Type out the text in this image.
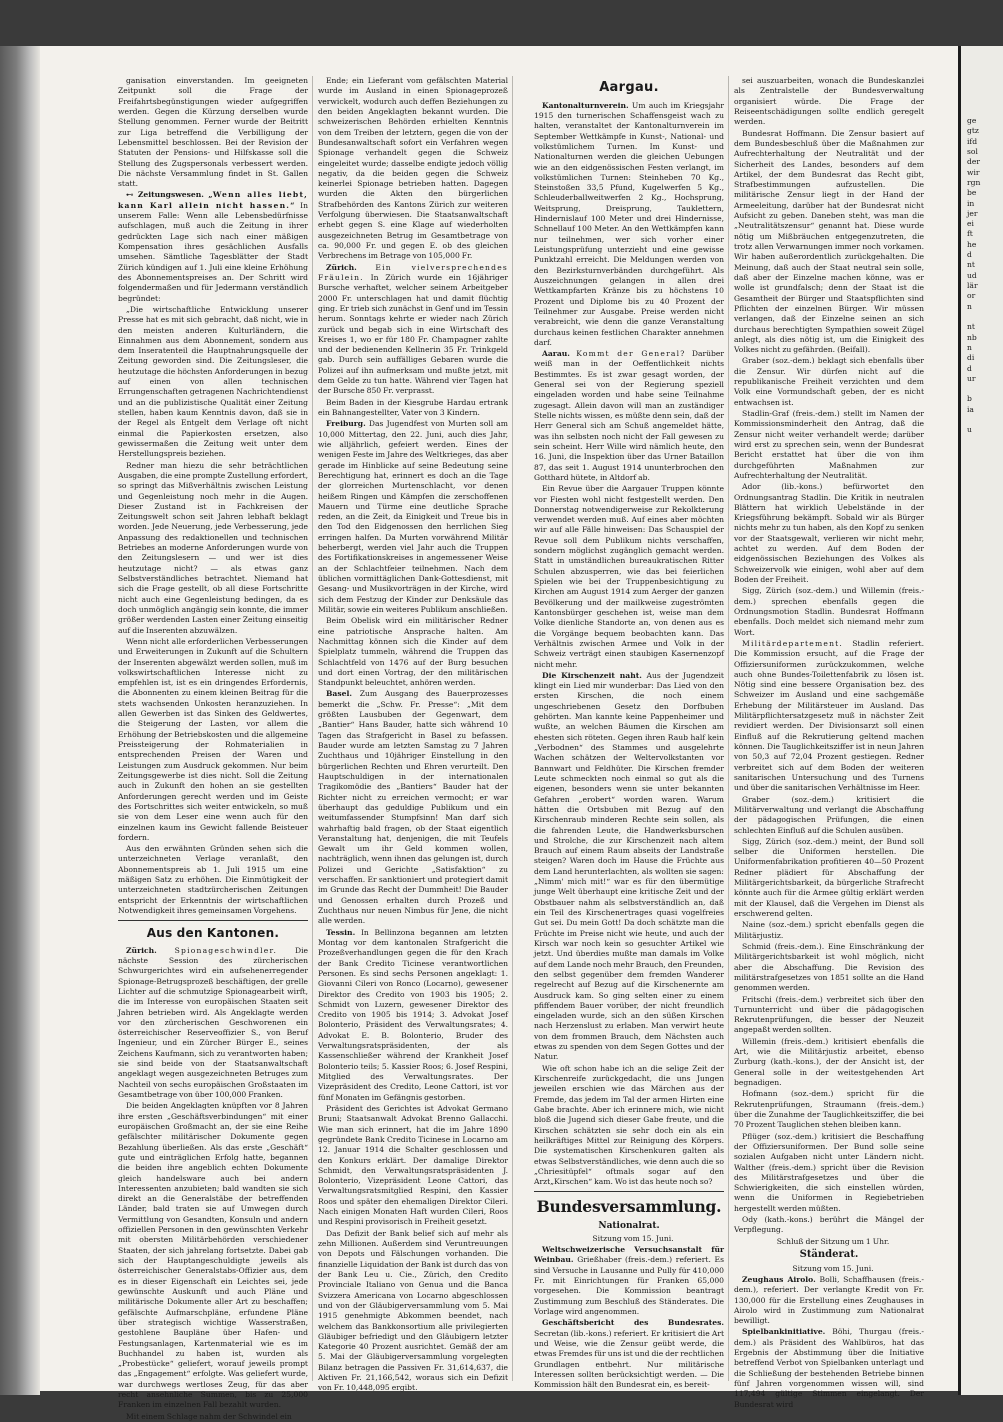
ganisation einverstanden. Im geeigneten Zeitpunkt soll die Frage der Freifahrtsbegünstigungen wieder aufgegriffen werden. Gegen die Kürzung derselben wurde Stellung genommen. Ferner wurde der Beitritt zur Liga betreffend die Verbilligung der Lebensmittel beschlossen. Bei der Revision der Statuten der Pensions- und Hilfskasse soll die Stellung des Zugspersonals verbessert werden. Die nächste Versammlung findet in St. Gallen statt.

⊷ Zeitungswesen. „Wenn alles liebt, kann Karl allein nicht hassen.“ In unserem Falle: Wenn alle Lebensbedürfnisse aufschlagen, muß auch die Zeitung in ihrer gedrückten Lage sich nach einer mäßigen Kompensation ihres gesächlichen Ausfalls umsehen. Sämtliche Tagesblätter der Stadt Zürich kündigen auf 1. Juli eine kleine Erhöhung des Abonnementspreises an. Der Schritt wird folgendermaßen und für Jedermann verständlich begründet:

„Die wirtschaftliche Entwicklung unserer Presse hat es mit sich gebracht, daß nicht, wie in den meisten anderen Kulturländern, die Einnahmen aus dem Abonnement, sondern aus dem Inseratenteil die Hauptnahrungsquelle der Zeitung geworden sind. Die Zeitungsleser, die heutzutage die höchsten Anforderungen in bezug auf einen von allen technischen Errungenschaften getragenen Nachrichtendienst und an die publizistische Qualität einer Zeitung stellen, haben kaum Kenntnis davon, daß sie in der Regel als Entgelt dem Verlage oft nicht einmal die Papierkosten ersetzen, also gewissermaßen die Zeitung weit unter dem Herstellungspreis beziehen.

Redner man hiezu die sehr beträchtlichen Ausgaben, die eine prompte Zustellung erfordert, so springt das Mißverhältnis zwischen Leistung und Gegenleistung noch mehr in die Augen. Dieser Zustand ist in Fachkreisen der Zeitungswelt schon seit Jahren lebhaft beklagt worden. Jede Neuerung, jede Verbesserung, jede Anpassung des redaktionellen und technischen Betriebes an moderne Anforderungen wurde von den Zeitungslesern — und wer ist dies heutzutage nicht? — als etwas ganz Selbstverständliches betrachtet. Niemand hat sich die Frage gestellt, ob all diese Fortschritte nicht auch eine Gegenleistung bedingen, da es doch unmöglich angängig sein konnte, die immer größer werdenden Lasten einer Zeitung einseitig auf die Inserenten abzuwälzen.

Wenn nicht alle erforderlichen Verbesserungen und Erweiterungen in Zukunft auf die Schultern der Inserenten abgewälzt werden sollen, muß im volkswirtschaftlichen Interesse nicht zu empfehlen ist, ist es ein dringendes Erfordernis, die Abonnenten zu einem kleinen Beitrag für die stets wachsenden Unkosten heranzuziehen. In allen Gewerben ist das Sinken des Geldwertes, die Steigerung der Lasten, vor allem die Erhöhung der Betriebskosten und die allgemeine Preissteigerung der Rohmaterialien in entsprechenden Preisen der Waren und Leistungen zum Ausdruck gekommen. Nur beim Zeitungsgewerbe ist dies nicht. Soll die Zeitung auch in Zukunft den hohen an sie gestellten Anforderungen gerecht werden und im Geiste des Fortschrittes sich weiter entwickeln, so muß sie von dem Leser eine wenn auch für den einzelnen kaum ins Gewicht fallende Beisteuer fordern.

Aus den erwähnten Gründen sehen sich die unterzeichneten Verlage veranlaßt, den Abonnementspreis ab 1. Juli 1915 um eine mäßigen Satz zu erhöhen. Die Einmütigkeit der unterzeichneten stadtzürcherischen Zeitungen entspricht der Erkenntnis der wirtschaftlichen Notwendigkeit ihres gemeinsamen Vorgehens.

Aus den Kantonen.

Zürich. Spionageschwindler. Die nächste Session des zürcherischen Schwurgerichtes wird ein aufsehenerregender Spionage-Betrugsprozeß beschäftigen, der grelle Lichter auf die schmutzige Spionagearbeit wirft, die im Interesse von europäischen Staaten seit Jahren betrieben wird. Als Angeklagte werden vor den zürcherischen Geschworenen ein österreichischer Reserveoffizier S., von Beruf Ingenieur, und ein Zürcher Bürger E., seines Zeichens Kaufmann, sich zu verantworten haben; sie sind beide von der Staatsanwaltschaft angeklagt wegen ausgezeichneten Betruges zum Nachteil von sechs europäischen Großstaaten im Gesamtbetrage von über 100,000 Franken.

Die beiden Angeklagten knüpften vor 8 Jahren ihre ersten „Geschäftsverbindungen“ mit einer europäischen Großmacht an, der sie eine Reihe gefälschter militärischer Dokumente gegen Bezahlung überließen. Als das erste „Geschäft“ gute und einträglichen Erfolg hatte, begannen die beiden ihre angeblich echten Dokumente gleich handelsware auch bei andern Interessenten anzubieten; bald wandten sie sich direkt an die Generalstäbe der betreffenden Länder, bald traten sie auf Umwegen durch Vermittlung von Gesandten, Konsuln und andern offiziellen Personen in den gewünschten Verkehr mit obersten Militärbehörden verschiedener Staaten, der sich jahrelang fortsetzte. Dabei gab sich der Hauptangeschuldigte jeweils als österreichischer Generalstabs-Offizier aus, dem es in dieser Eigenschaft ein Leichtes sei, jede gewünschte Auskunft und auch Pläne und militärische Dokumente aller Art zu beschaffen; gefälschte Aufmarschpläne, erfundene Pläne über strategisch wichtige Wasserstraßen, gestohlene Baupläne über Hafen- und Festungsanlagen, Kartenmaterial wie es im Buchhandel zu haben ist, wurden als „Probestücke“ geliefert, worauf jeweils prompt das „Engagement“ erfolgte. Was geliefert wurde, war durchwegs wertloses Zeug, für das aber recht ansehnliche Summen, bis zu 25,000 Franken im einzelnen Fall bezahlt wurden.

Mit einem Schlage nahm der Schwindel ein

Ende; ein Lieferant vom gefälschten Material wurde im Ausland in einen Spionageprozeß verwickelt, wodurch auch deffen Beziehungen zu den beiden Angeklagten bekannt wurden. Die schweizerischen Behörden erhielten Kenntnis von dem Treiben der letztern, gegen die von der Bundesanwaltschaft sofort ein Verfahren wegen Spionage verhandelt gegen die Schweiz eingeleitet wurde; dasselbe endigte jedoch völlig negativ, da die beiden gegen die Schweiz keinerlei Spionage betrieben hatten. Dagegen wurden die Akten den bürgerlichen Strafbehörden des Kantons Zürich zur weiteren Verfolgung überwiesen. Die Staatsanwaltschaft erhebt gegen S. eine Klage auf wiederholten ausgezeichneten Betrug im Gesamtbetrage von ca. 90,000 Fr. und gegen E. ob des gleichen Verbrechens im Betrage von 105,000 Fr.

Zürich. Ein vielversprechendes Fräulein. In Zürich wurde ein 16jähriger Bursche verhaftet, welcher seinem Arbeitgeber 2000 Fr. unterschlagen hat und damit flüchtig ging. Er trieb sich zunächst in Genf und im Tessin herum. Sonntags kehrte er wieder nach Zürich zurück und begab sich in eine Wirtschaft des Kreises 1, wo er für 180 Fr. Champagner zahlte und der bedienenden Kellnerin 35 Fr. Trinkgeld gab. Durch sein auffälliges Gebaren wurde die Polizei auf ihn aufmerksam und mußte jetzt, mit dem Gelde zu tun hatte. Während vier Tagen hat der Bursche 850 Fr. verprasst.

Beim Baden in der Kiesgrube Hardau ertrank ein Bahnangestellter, Vater von 3 Kindern.

Freiburg. Das Jugendfest von Murten soll am 10,000 Mittertag, den 22. Juni, auch dies Jahr, wie alljährlich, gefeiert werden. Eines der wenigen Feste im Jahre des Weltkrieges, das aber gerade im Hinblicke auf seine Bedeutung seine Berechtigung hat, erinnert es doch an die Tage der glorreichen Murtenschlacht, vor denen heißem Ringen und Kämpfen die zerschoffenen Mauern und Türme eine deutliche Sprache reden, an die Zeit, da Einigkeit und Treue bis in den Tod den Eidgenossen den herrlichen Sieg erringen halfen. Da Murten vorwährend Militär beherbergt, werden viel Jahr auch die Truppen des Fortifikationskreises in angemessener Weise an der Schlachtfeier teilnehmen. Nach dem üblichen vormittäglichen Dank-Gottesdienst, mit Gesang- und Musikvorträgen in der Kirche, wird sich dem Festzug der Kinder zur Denksäule das Militär, sowie ein weiteres Publikum anschließen.

Beim Obelisk wird ein militärischer Redner eine patriotische Ansprache halten. Am Nachmittag können sich die Kinder auf dem Spielplatz tummeln, während die Truppen das Schlachtfeld von 1476 auf der Burg besuchen und dort einen Vortrag, der den militärischen Standpunkt beleuchtet, anhören werden.

Basel. Zum Ausgang des Bauerprozesses bemerkt die „Schw. Fr. Presse“: „Mit dem größten Lausbuben der Gegenwart, dem „Bantier“ Hans Bauder, hatte sich während 10 Tagen das Strafgericht in Basel zu befassen. Bauder wurde am letzten Samstag zu 7 Jahren Zuchthaus und 10jähriger Einstellung in den bürgerlichen Rechten und Ehren verurteilt. Den Hauptschuldigen in der internationalen Tragikomödie des „Bantiers“ Bauder hat der Richter nicht zu erreichen vermocht; er war überhaupt das geduldige Publikum und ein weitumfassender Stumpfsinn! Man darf sich wahrhaftig bald fragen, ob der Staat eigentlich Veranstaltung hat, denjenigen, die mit Teufels Gewalt um ihr Geld kommen wollen, nachträglich, wenn ihnen das gelungen ist, durch Polizei und Gerichte „Satisfaktion“ zu verschaffen. Er sanktioniert und protegiert damit im Grunde das Recht der Dummheit! Die Bauder und Genossen erhalten durch Prozeß und Zuchthaus nur neuen Nimbus für Jene, die nicht alle werden.

Tessin. In Bellinzona begannen am letzten Montag vor dem kantonalen Strafgericht die Prozeßverhandlungen gegen die für den Krach der Bank Credito Ticinese verantwortlichen Personen. Es sind sechs Personen angeklagt: 1. Giovanni Cileri von Ronco (Locarno), gewesener Direktor des Credito von 1903 bis 1905; 2. Schmidt von Luzern, gewesener Direktor des Credito von 1905 bis 1914; 3. Advokat Josef Bolonterio, Präsident des Verwaltungsrates; 4. Advokat E. B. Bolonterio, Bruder des Verwaltungsratspräsidenten, der als Kassenschließer während der Krankheit Josef Bolonterio teils; 5. Kassier Roos; 6. Josef Respini, Mitglied des Verwaltungsrates. Der Vizepräsident des Credito, Leone Cattori, ist vor fünf Monaten im Gefängnis gestorben.

Präsident des Gerichtes ist Advokat Germano Bruni; Staatsanwalt Advokat Brenno Gallacchi. Wie man sich erinnert, hat die im Jahre 1890 gegründete Bank Credito Ticinese in Locarno am 12. Januar 1914 die Schalter geschlossen und den Konkurs erklärt. Der damalige Direktor Schmidt, den Verwaltungsratspräsidenten J. Bolonterio, Vizepräsident Leone Cattori, das Verwaltungsratsmitglied Respini, den Kassier Roos und später den ehemaligen Direktor Cileri. Nach einigen Monaten Haft wurden Cileri, Roos und Respini provisorisch in Freiheit gesetzt.

Das Defizit der Bank belief sich auf mehr als zehn Millionen. Außerdem sind Veruntreuungen von Depots und Fälschungen vorhanden. Die finanzielle Liquidation der Bank ist durch das von der Bank Leu u. Cie., Zürich, den Credito Provinciale Italiano von Genua und die Banca Svizzera Americana von Locarno abgeschlossen und von der Gläubigerversammlung vom 5. Mai 1915 genehmigte Abkommen beendet, nach welchem das Bankkonsortium alle privilegierten Gläubiger befriedigt und den Gläubigern letzter Kategorie 40 Prozent ausrichtet. Gemäß der am 5. Mai der Gläubigerversammlung vorgelegten Bilanz betragen die Passiven Fr. 31,614,637, die Aktiven Fr. 21,166,542, woraus sich ein Defizit von Fr. 10,448,095 ergibt.

Aargau.

Kantonalturnverein. Um auch im Kriegsjahr 1915 den turnerischen Schaffensgeist wach zu halten, veranstaltet der Kantonalturnverein im September Wettkämpfe in Kunst-, National- und volkstümlichem Turnen. Im Kunst- und Nationalturnen werden die gleichen Uebungen wie an den eidgenössischen Festen verlangt, im volkstümlichen Turnen: Steinheben 70 Kg., Steinstoßen 33,5 Pfund, Kugelwerfen 5 Kg., Schleuderballweitwerfen 2 Kg., Hochsprung, Weitsprung, Dreisprung, Tauklettern, Hindernislauf 100 Meter und drei Hindernisse, Schnellauf 100 Meter. An den Wettkämpfen kann nur teilnehmen, wer sich vorher einer Leistungsprüfung unterzieht und eine gewisse Punktzahl erreicht. Die Meldungen werden von den Bezirksturnverbänden durchgeführt. Als Auszeichnungen gelangen in allen drei Wettkampfarten Kränze bis zu höchstens 10 Prozent und Diplome bis zu 40 Prozent der Teilnehmer zur Ausgabe. Preise werden nicht verabreicht, wie denn die ganze Veranstaltung durchaus keinen festlichen Charakter annehmen darf.

Aarau. Kommt der General? Darüber weiß man in der Oeffentlichkeit nichts Bestimmtes. Es ist zwar gesagt worden, der General sei von der Regierung speziell eingeladen worden und habe seine Teilnahme zugesagt. Allein davon will man an zuständiger Stelle nichts wissen, es müßte denn sein, daß der Herr General sich am Schuß angemeldet hätte, was ihn selbsten noch nicht der Fall gewesen zu sein scheint. Herr Wille wird nämlich heute, den 16. Juni, die Inspektion über das Urner Bataillon 87, das seit 1. August 1914 ununterbrochen den Gotthard hütete, in Altdorf ab.

Ein Revue über die Aargauer Truppen könnte vor Fiesten wohl nicht festgestellt werden. Den Donnerstag notwendigerweise zur Rekolkterung verwendet werden muß. Auf eines aber möchten wir auf alle Fälle hinweisen: Das Schauspiel der Revue soll dem Publikum nichts verschaffen, sondern möglichst zugänglich gemacht werden. Statt in umständlichen bureaukratischen Ritter Schulen abzusperren, wie das bei feierlichen Spielen wie bei der Truppenbesichtigung zu Kirchen am August 1914 zum Aerger der ganzen Bevölkerung und der mailkweise zugeströmten Kantonsbürger geschehen ist, weise man dem Volke dienliche Standorte an, von denen aus es die Vorgänge bequem beobachten kann. Das Verhältnis zwischen Armee und Volk in der Schweiz verträgt einen staubigen Kasernenzopf nicht mehr.

Die Kirschenzeit naht. Aus der Jugendzeit klingt ein Lied mir wunderbar: Das Lied von den ersten Kirschen, die noch einem ungeschriebenen Gesetz den Dorfbuben gehörten. Man kannte keine Pappenheimer und wußte, an welchen Bäumen die Kirschen am ehesten sich röteten. Gegen ihren Raub half kein „Verbodnen“ des Stammes und ausgelehrte Wachen schätzen der Weltervolkstanten vor Bannwart und Feldhüter. Die Kirschen fremder Leute schmeckten noch einmal so gut als die eigenen, besonders wenn sie unter bekannten Gefahren „erobert“ worden waren. Warum hätten die Ortsbuben mit Bezug auf den Kirschenraub minderen Rechte sein sollen, als die fahrenden Leute, die Handwerksburschen und Strolche, die zur Kirschenzeit nach altem Brauch auf einem Raum abseits der Landstraße steigen? Waren doch im Hause die Früchte aus dem Land herunterlachten, als wollten sie sagen: „Nimm' mich mit!“ war es für den übermütige junge Welt überhaupt eine kritische Zeit und der Obstbauer nahm als selbstverständlich an, daß ein Teil des Kirschenertrages quasi vogelfreies Gut sei. Du mein Gott! Da doch schätzte man die Früchte im Preise nicht wie heute, und auch der Kirsch war noch kein so gesuchter Artikel wie jetzt. Und überdies mußte man damals im Volke auf dem Lande noch mehr Brauch, den Freunden, den selbst gegenüber dem fremden Wanderer regelrecht auf Bezug auf die Kirschenernte am Ausdruck kam. So ging selten einer zu einem pfiffendem Bauer vorüber, der nicht freundlich eingeladen wurde, sich an den süßen Kirschen nach Herzenslust zu erlaben. Man verwirt heute von dem frommen Brauch, dem Nächsten auch etwas zu spenden von dem Segen Gottes und der Natur.

Wie oft schon habe ich an die selige Zeit der Kirschenreife zurückgedacht, die uns Jungen jeweilen erschien wie das Märchen aus der Fremde, das jedem im Tal der armen Hirten eine Gabe brachte. Aber ich erinnere mich, wie nicht bloß die Jugend sich dieser Gabe freute, und die Kirschen schätzten sie sehr doch ein als ein heilkräftiges Mittel zur Reinigung des Körpers. Die systematischen Kirschenkuren galten als etwas Selbstverständliches, wie denn auch die so „Chriesitüpfel“ oftmals sogar auf den Arzt„Kirschen“ kam. Wo ist das heute noch so?

Bundesversammlung.
Nationalrat.

Sitzung vom 15. Juni.

Weltschweizerische Versuchsanstalt für Weinbau. Grießhaber (freis.-dem.) referiert. Es sind Versuche in Lausanne und Pully für 410,000 Fr. mit Einrichtungen für Franken 65,000 vorgesehen. Die Kommission beantragt Zustimmung zum Beschluß des Ständerates. Die Vorlage wird angenommen.

Geschäftsbericht des Bundesrates. Secretan (lib.-kons.) referiert. Er kritisiert die Art und Weise, wie die Zensur geübt werde, die etwas Fremdes für uns ist und die der rechtlichen Grundlagen entbehrt. Nur militärische Interessen sollten berücksichtigt werden. — Die Kommission hält den Bundesrat ein, es bereit-

sei auszuarbeiten, wonach die Bundeskanzlei als Zentralstelle der Bundesverwaltung organisiert würde. Die Frage der Reiseentschädigungen sollte endlich geregelt werden.

Bundesrat Hoffmann. Die Zensur basiert auf dem Bundesbeschluß über die Maßnahmen zur Aufrechterhaltung der Neutralität und der Sicherheit des Landes, besonders auf dem Artikel, der dem Bundesrat das Recht gibt, Strafbestimmungen aufzustellen. Die militärische Zensur liegt in der Hand der Armeeleitung, darüber hat der Bundesrat nicht Aufsicht zu geben. Daneben steht, was man die „Neutralitätszensur“ genannt hat. Diese wurde nötig um Mißbräuchen entgegenzutreten, die trotz allen Verwarnungen immer noch vorkamen. Wir haben außerordentlich zurückgehalten. Die Meinung, daß auch der Staat neutral sein solle, daß aber der Einzelne machen könne, was er wolle ist grundfalsch; denn der Staat ist die Gesamtheit der Bürger und Staatspflichten sind Pflichten der einzelnen Bürger. Wir müssen verlangen, daß der Einzelne seinen an sich durchaus berechtigten Sympathien soweit Zügel anlegt, als dies nötig ist, um die Einigkeit des Volkes nicht zu gefährden. (Beifall).

Graber (soz.-dem.) beklagt sich ebenfalls über die Zensur. Wir dürfen nicht auf die republikanische Freiheit verzichten und dem Volk eine Vormundschaft geben, der es nicht entwachsen ist.

Stadlin-Graf (freis.-dem.) stellt im Namen der Kommissionsminderheit den Antrag, daß die Zensur nicht weiter verhandelt werde; darüber wird erst zu sprechen sein, wenn der Bundesrat Bericht erstattet hat über die von ihm durchgeführten Maßnahmen zur Aufrechterhaltung der Neutralität.

Ador (lib.-kons.) befürwortet den Ordnungsantrag Stadlin. Die Kritik in neutralen Blättern hat wirklich Uebelstände in der Kriegsführung bekämpft. Sobald wir als Bürger nichts mehr zu tun haben, als den Kopf zu senken vor der Staatsgewalt, verlieren wir nicht mehr, achtet zu werden. Auf dem Boden der eidgenössischen Beziehungen des Volkes als Schweizervolk wie einigen, wohl aber auf dem Boden der Freiheit.

Sigg, Zürich (soz.-dem.) und Willemin (freis.-dem.) sprechen ebenfalls gegen die Ordnungsmotion Stadlin. Bundesrat Hoffmann ebenfalls. Doch meldet sich niemand mehr zum Wort.

Militärdepartement. Stadlin referiert. Die Kommission ersucht, auf die Frage der Offiziersuniformen zurückzukommen, welche auch ohne Bundes-Toilettenfabrik zu lösen ist. Nötig sind eine bessere Organisation bez. des Schweizer im Ausland und eine sachgemäße Erhebung der Militärsteuer im Ausland. Das Militärpflichtersatzgesetz muß in nächster Zeit revidiert werden. Der Divisionsarzt soll einen Einfluß auf die Rekrutierung geltend machen können. Die Tauglichkeitsziffer ist in neun Jahren von 50,3 auf 72,04 Prozent gestiegen. Redner verbreitet sich auf dem Boden der weiteren sanitarischen Untersuchung und des Turnens und über die sanitarischen Verhältnisse im Heer.

Graber (soz.-dem.) kritisiert die Militärverwaltung und verlangt die Abschaffung der pädagogischen Prüfungen, die einen schlechten Einfluß auf die Schulen ausüben.

Sigg, Zürich (soz.-dem.) meint, der Bund soll selber die Uniformen herstellen. Die Uniformenfabrikation profitieren 40—50 Prozent Redner plädiert für Abschaffung der Militärgerichtsbarkeit, da bürgerliche Strafrecht könnte auch für die Armee gültig erklärt werden mit der Klausel, daß die Vergehen im Dienst als erschwerend gelten.

Naine (soz.-dem.) spricht ebenfalls gegen die Militärjustiz.

Schmid (freis.-dem.). Eine Einschränkung der Militärgerichtsbarkeit ist wohl möglich, nicht aber die Abschaffung. Die Revision des militärstrafgesetzes von 1851 sollte an die Hand genommen werden.

Fritschi (freis.-dem.) verbreitet sich über den Turnunterricht und über die pädagogischen Rekrutenprüfungen, die besser der Neuzeit angepaßt werden sollten.

Willemin (freis.-dem.) kritisiert ebenfalls die Art, wie die Militärjustiz arbeitet, ebenso Zurburg (kath.-kons.), der der Ansicht ist, der General solle in der weitestgehenden Art begnadigen.

Hofmann (soz.-dem.) spricht für die Rekrutenprüfungen, Straumann (freis.-dem.) über die Zunahme der Tauglichkeitsziffer, die bei 70 Prozent Tauglichen stehen bleiben kann.

Pflüger (soz.-dem.) kritisiert die Beschaffung der Offiziersuniformen. Der Bund solle seine sozialen Aufgaben nicht unter Ländern nicht. Walther (freis.-dem.) spricht über die Revision des Militärstrafgesetzes und über die Schwierigkeiten, die sich einstellen würden, wenn die Uniformen in Regiebetrieben hergestellt werden müßten.

Ody (kath.-kons.) berührt die Mängel der Verpflegung.

Schluß der Sitzung um 1 Uhr.

Ständerat.

Sitzung vom 15. Juni.

Zeughaus Airolo. Bolli, Schaffhausen (freis.-dem.), referiert. Der verlangte Kredit von Fr. 130,000 für die Erstellung eines Zeughauses in Airolo wird in Zustimmung zum Nationalrat bewilligt.

Spielbankinitiative. Böhi, Thurgau (freis.-dem.) als Präsident des Wahlbüros, hat das Ergebnis der Abstimmung über die Initiative betreffend Verbot von Spielbanken unterlagt und die Schließung der bestehenden Betriebe binnen fünf Jahren vorgenommen wissen will, sind 117,494 gültige Stimmen eingelangt. Der Bundesrat wird

ge
gtz
ifd
sol
der
wir
rgn
be
in
jer
ei
ft
he
d
nt
ud
lär
or
n

nt
nb
n
di
d
ur

b
ia

u
